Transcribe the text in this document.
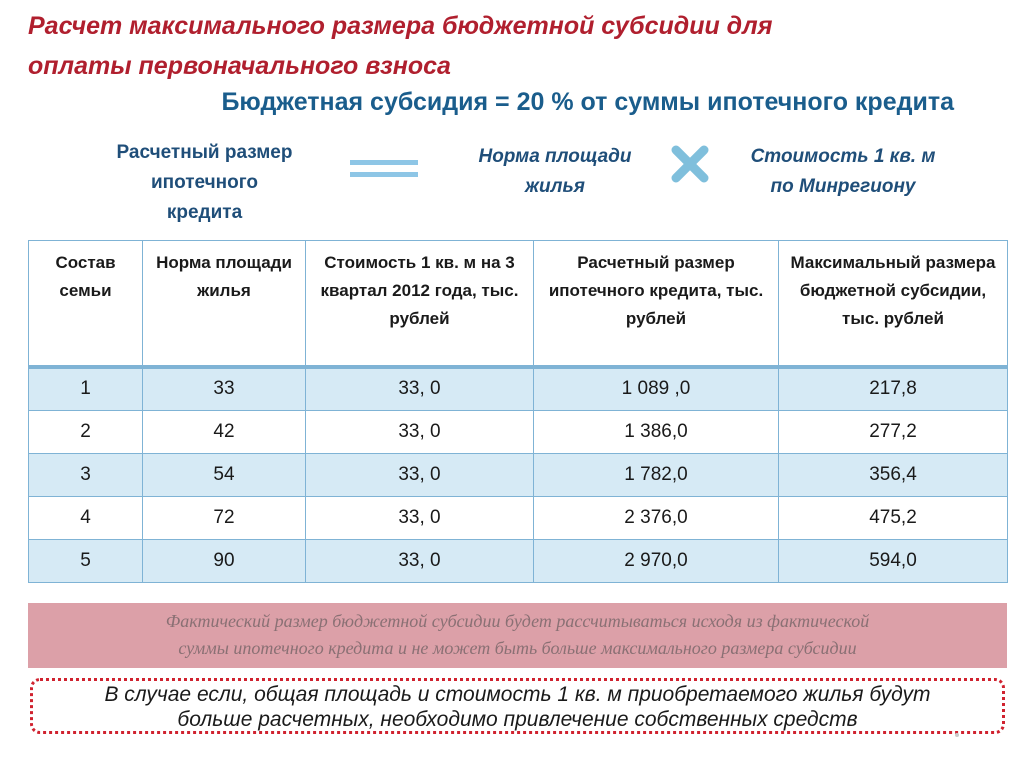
Расчет максимального размера бюджетной субсидии для
оплаты первоначального взноса
Бюджетная субсидия = 20 % от суммы ипотечного кредита
Расчетный размер
ипотечного
кредита
Норма площади
жилья
Стоимость 1 кв. м
по Минрегиону
Состав семьи	Норма площади жилья	Стоимость 1 кв. м на 3 квартал 2012 года, тыс. рублей	Расчетный размер ипотечного кредита, тыс. рублей	Максимальный размера бюджетной субсидии, тыс. рублей
1	33	33, 0	1 089 ,0	217,8
2	42	33, 0	1 386,0	277,2
3	54	33, 0	1 782,0	356,4
4	72	33, 0	2 376,0	475,2
5	90	33, 0	2 970,0	594,0
Фактический размер бюджетной субсидии будет рассчитываться исходя из фактической
суммы ипотечного кредита и не может быть больше максимального размера субсидии
В случае если, общая площадь и стоимость 1 кв. м приобретаемого жилья будут
больше расчетных, необходимо привлечение собственных средств
